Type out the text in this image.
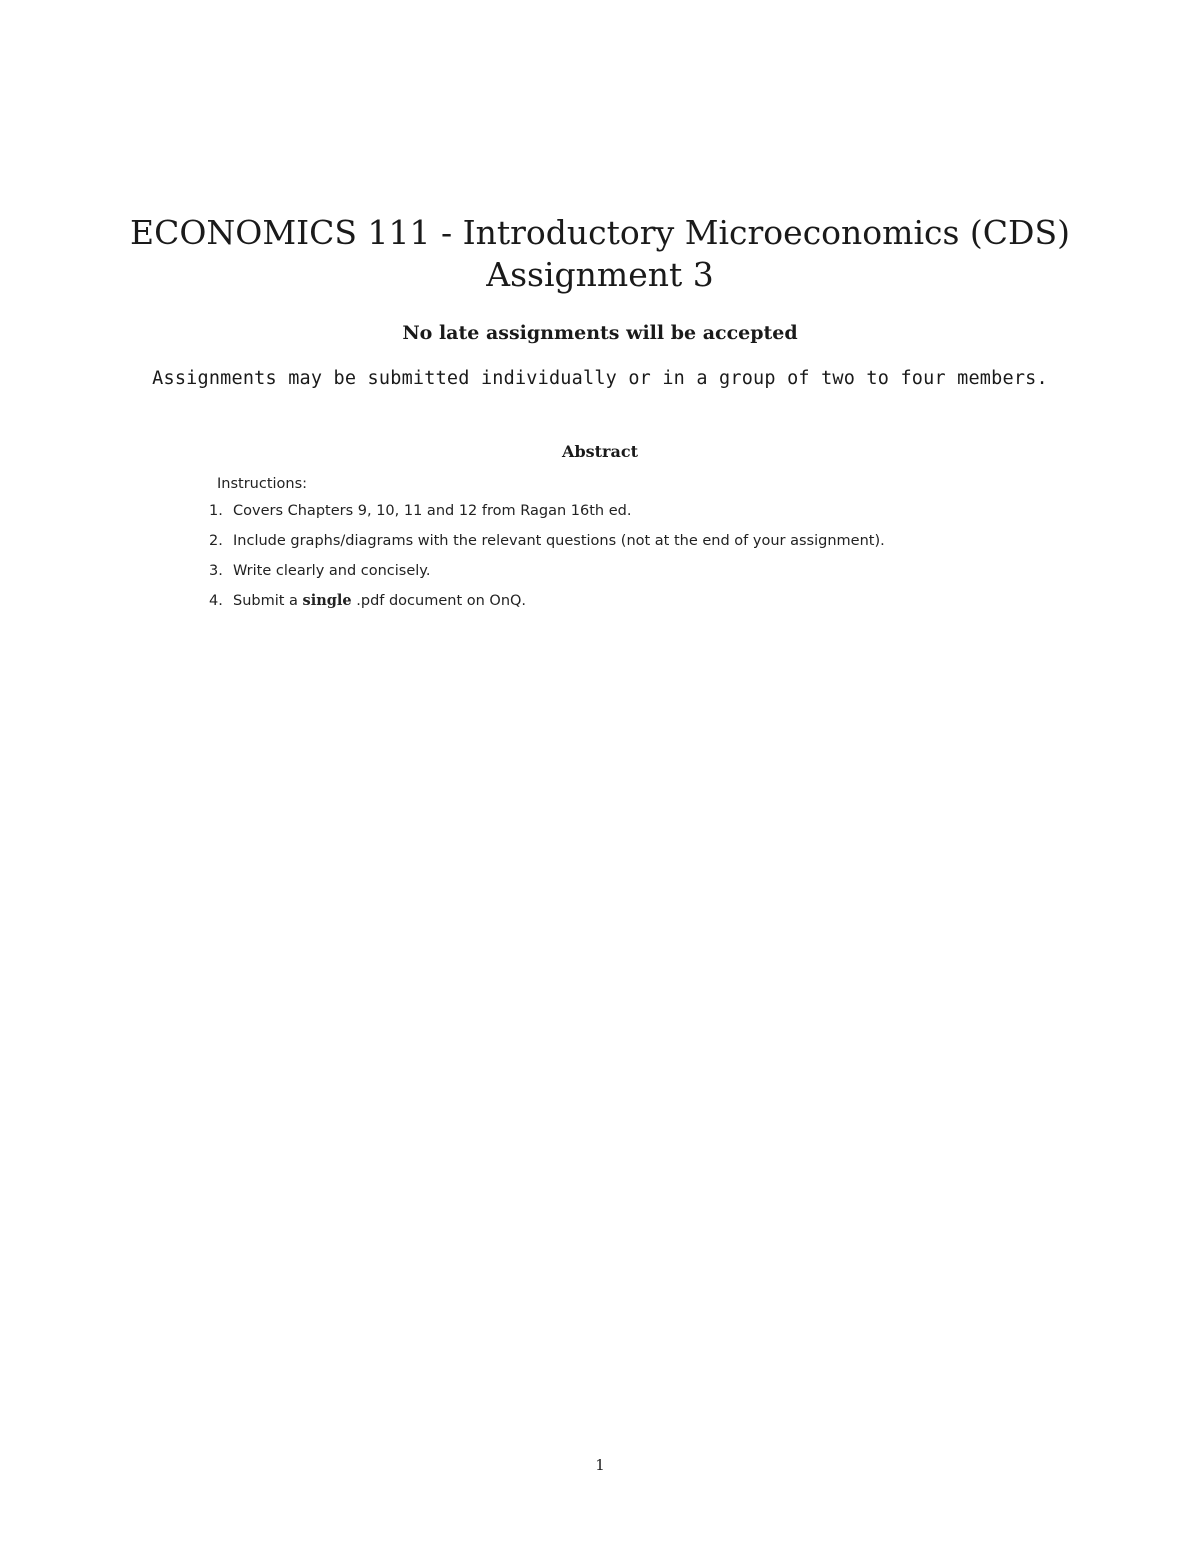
ECONOMICS 111 - Introductory Microeconomics (CDS)
Assignment 3
No late assignments will be accepted
Assignments may be submitted individually or in a group of two to four members.
Abstract
Instructions:
1. Covers Chapters 9, 10, 11 and 12 from Ragan 16th ed.
2. Include graphs/diagrams with the relevant questions (not at the end of your assignment).
3. Write clearly and concisely.
4. Submit a single .pdf document on OnQ.
1
